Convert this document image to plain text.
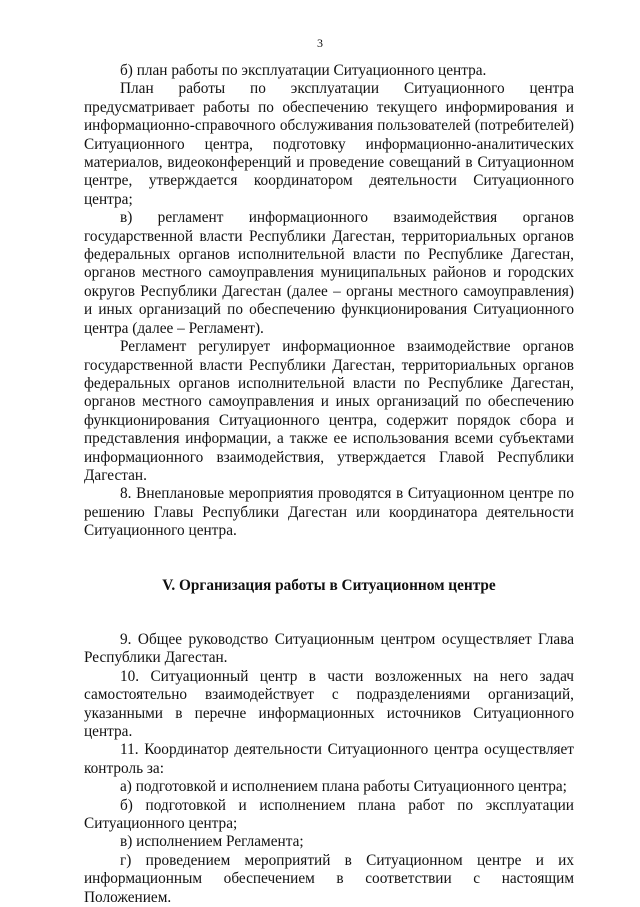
3

б) план работы по эксплуатации Ситуационного центра.

План работы по эксплуатации Ситуационного центра предусматривает работы по обеспечению текущего информирования и информационно-справочного обслуживания пользователей (потребителей) Ситуационного центра, подготовку информационно-аналитических материалов, видеоконференций и проведение совещаний в Ситуационном центре, утверждается координатором деятельности Ситуационного центра;

в) регламент информационного взаимодействия органов государственной власти Республики Дагестан, территориальных органов федеральных органов исполнительной власти по Республике Дагестан, органов местного самоуправления муниципальных районов и городских округов Республики Дагестан (далее – органы местного самоуправления) и иных организаций по обеспечению функционирования Ситуационного центра (далее – Регламент).

Регламент регулирует информационное взаимодействие органов государственной власти Республики Дагестан, территориальных органов федеральных органов исполнительной власти по Республике Дагестан, органов местного самоуправления и иных организаций по обеспечению функционирования Ситуационного центра, содержит порядок сбора и представления информации, а также ее использования всеми субъектами информационного взаимодействия, утверждается Главой Республики Дагестан.

8. Внеплановые мероприятия проводятся в Ситуационном центре по решению Главы Республики Дагестан или координатора деятельности Ситуационного центра.

V. Организация работы в Ситуационном центре

9. Общее руководство Ситуационным центром осуществляет Глава Республики Дагестан.

10. Ситуационный центр в части возложенных на него задач самостоятельно взаимодействует с подразделениями организаций, указанными в перечне информационных источников Ситуационного центра.

11. Координатор деятельности Ситуационного центра осуществляет контроль за:

а) подготовкой и исполнением плана работы Ситуационного центра;

б) подготовкой и исполнением плана работ по эксплуатации Ситуационного центра;

в) исполнением Регламента;

г) проведением мероприятий в Ситуационном центре и их информационным обеспечением в соответствии с настоящим Положением.
